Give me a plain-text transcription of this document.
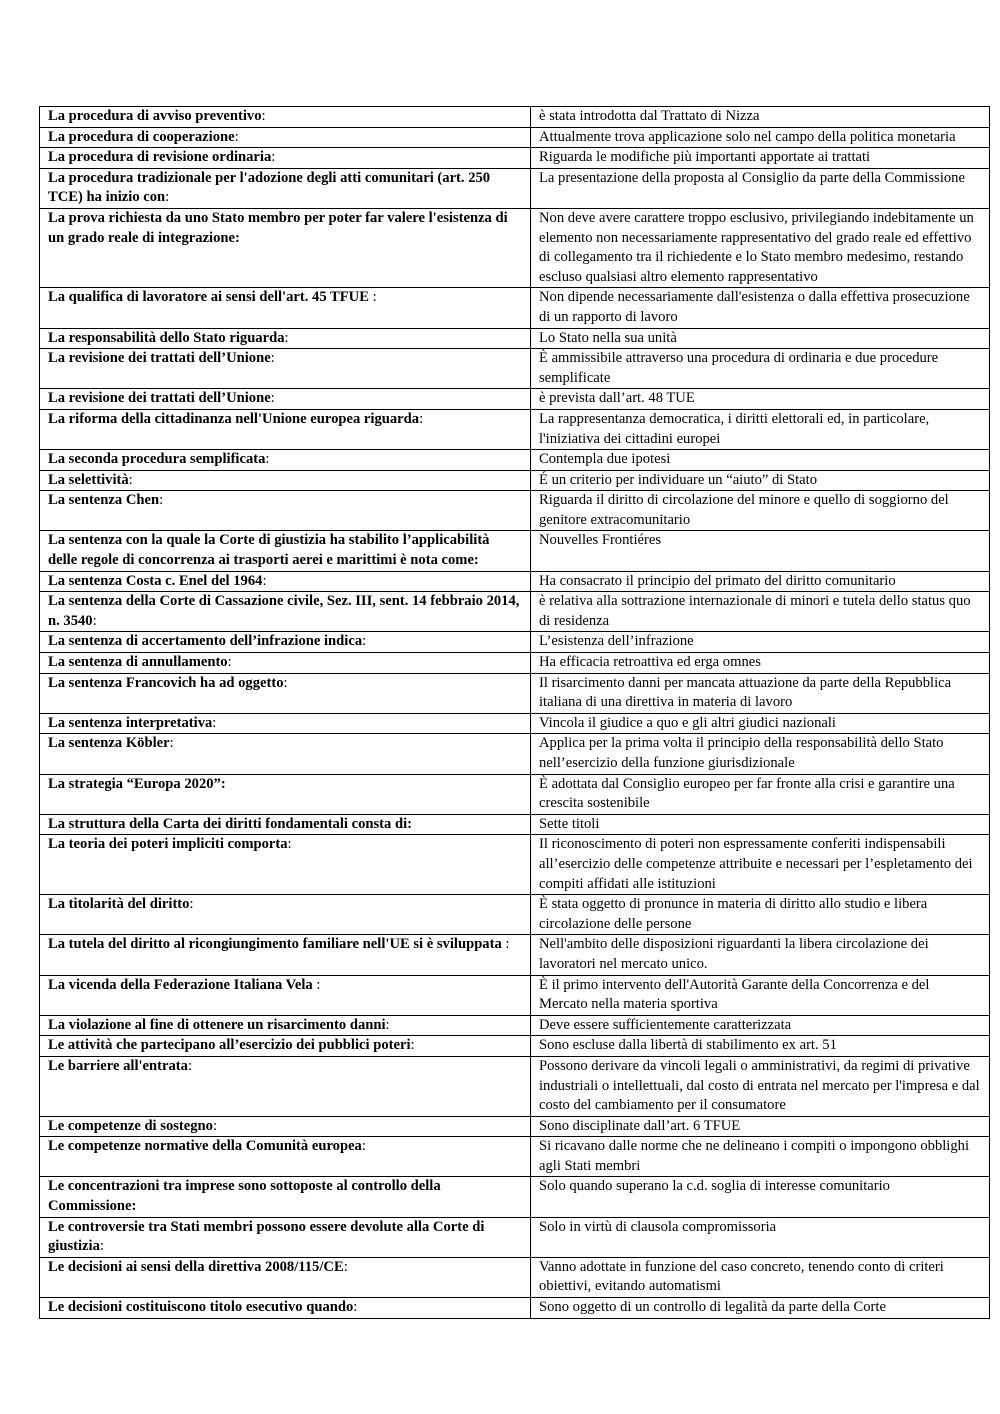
La procedura di avviso preventivo:	è stata introdotta dal Trattato di Nizza
La procedura di cooperazione:	Attualmente trova applicazione solo nel campo della politica monetaria
La procedura di revisione ordinaria:	Riguarda le modifiche più importanti apportate ai trattati
La procedura tradizionale per l'adozione degli atti comunitari (art. 250 TCE) ha inizio con:	La presentazione della proposta al Consiglio da parte della Commissione
La prova richiesta da uno Stato membro per poter far valere l'esistenza di un grado reale di integrazione:	Non deve avere carattere troppo esclusivo, privilegiando indebitamente un elemento non necessariamente rappresentativo del grado reale ed effettivo di collegamento tra il richiedente e lo Stato membro medesimo, restando escluso qualsiasi altro elemento rappresentativo
La qualifica di lavoratore ai sensi dell'art. 45 TFUE :	Non dipende necessariamente dall'esistenza o dalla effettiva prosecuzione di un rapporto di lavoro
La responsabilità dello Stato riguarda:	Lo Stato nella sua unità
La revisione dei trattati dell’Unione:	È ammissibile attraverso una procedura di ordinaria e due procedure semplificate
La revisione dei trattati dell’Unione:	è prevista dall’art. 48 TUE
La riforma della cittadinanza nell'Unione europea riguarda:	La rappresentanza democratica, i diritti elettorali ed, in particolare, l'iniziativa dei cittadini europei
La seconda procedura semplificata:	Contempla due ipotesi
La selettività:	É un criterio per individuare un “aiuto” di Stato
La sentenza Chen:	Riguarda il diritto di circolazione del minore e quello di soggiorno del genitore extracomunitario
La sentenza con la quale la Corte di giustizia ha stabilito l’applicabilità delle regole di concorrenza ai trasporti aerei e marittimi è nota come:	Nouvelles Frontiéres
La sentenza Costa c. Enel del 1964:	Ha consacrato il principio del primato del diritto comunitario
La sentenza della Corte di Cassazione civile, Sez. III, sent. 14 febbraio 2014, n. 3540:	è relativa alla sottrazione internazionale di minori e tutela dello status quo di residenza
La sentenza di accertamento dell’infrazione indica:	L’esistenza dell’infrazione
La sentenza di annullamento:	Ha efficacia retroattiva ed erga omnes
La sentenza Francovich ha ad oggetto:	Il risarcimento danni per mancata attuazione da parte della Repubblica italiana di una direttiva in materia di lavoro
La sentenza interpretativa:	Vincola il giudice a quo e gli altri giudici nazionali
La sentenza Köbler:	Applica per la prima volta il principio della responsabilità dello Stato nell’esercizio della funzione giurisdizionale
La strategia “Europa 2020”:	È adottata dal Consiglio europeo per far fronte alla crisi e garantire una crescita sostenibile
La struttura della Carta dei diritti fondamentali consta di:	Sette titoli
La teoria dei poteri impliciti comporta:	Il riconoscimento di poteri non espressamente conferiti indispensabili all’esercizio delle competenze attribuite e necessari per l’espletamento dei compiti affidati alle istituzioni
La titolarità del diritto:	È stata oggetto di pronunce in materia di diritto allo studio e libera circolazione delle persone
La tutela del diritto al ricongiungimento familiare nell'UE si è sviluppata :	Nell'ambito delle disposizioni riguardanti la libera circolazione dei lavoratori nel mercato unico.
La vicenda della Federazione Italiana Vela :	È il primo intervento dell'Autorità Garante della Concorrenza e del Mercato nella materia sportiva
La violazione al fine di ottenere un risarcimento danni:	Deve essere sufficientemente caratterizzata
Le attività che partecipano all’esercizio dei pubblici poteri:	Sono escluse dalla libertà di stabilimento ex art. 51
Le barriere all'entrata:	Possono derivare da vincoli legali o amministrativi, da regimi di privative industriali o intellettuali, dal costo di entrata nel mercato per l'impresa e dal costo del cambiamento per il consumatore
Le competenze di sostegno:	Sono disciplinate dall’art. 6 TFUE
Le competenze normative della Comunità europea:	Si ricavano dalle norme che ne delineano i compiti o impongono obblighi agli Stati membri
Le concentrazioni tra imprese sono sottoposte al controllo della Commissione:	Solo quando superano la c.d. soglia di interesse comunitario
Le controversie tra Stati membri possono essere devolute alla Corte di giustizia:	Solo in virtù di clausola compromissoria
Le decisioni ai sensi della direttiva 2008/115/CE:	Vanno adottate in funzione del caso concreto, tenendo conto di criteri obiettivi, evitando automatismi
Le decisioni costituiscono titolo esecutivo quando:	Sono oggetto di un controllo di legalità da parte della Corte
